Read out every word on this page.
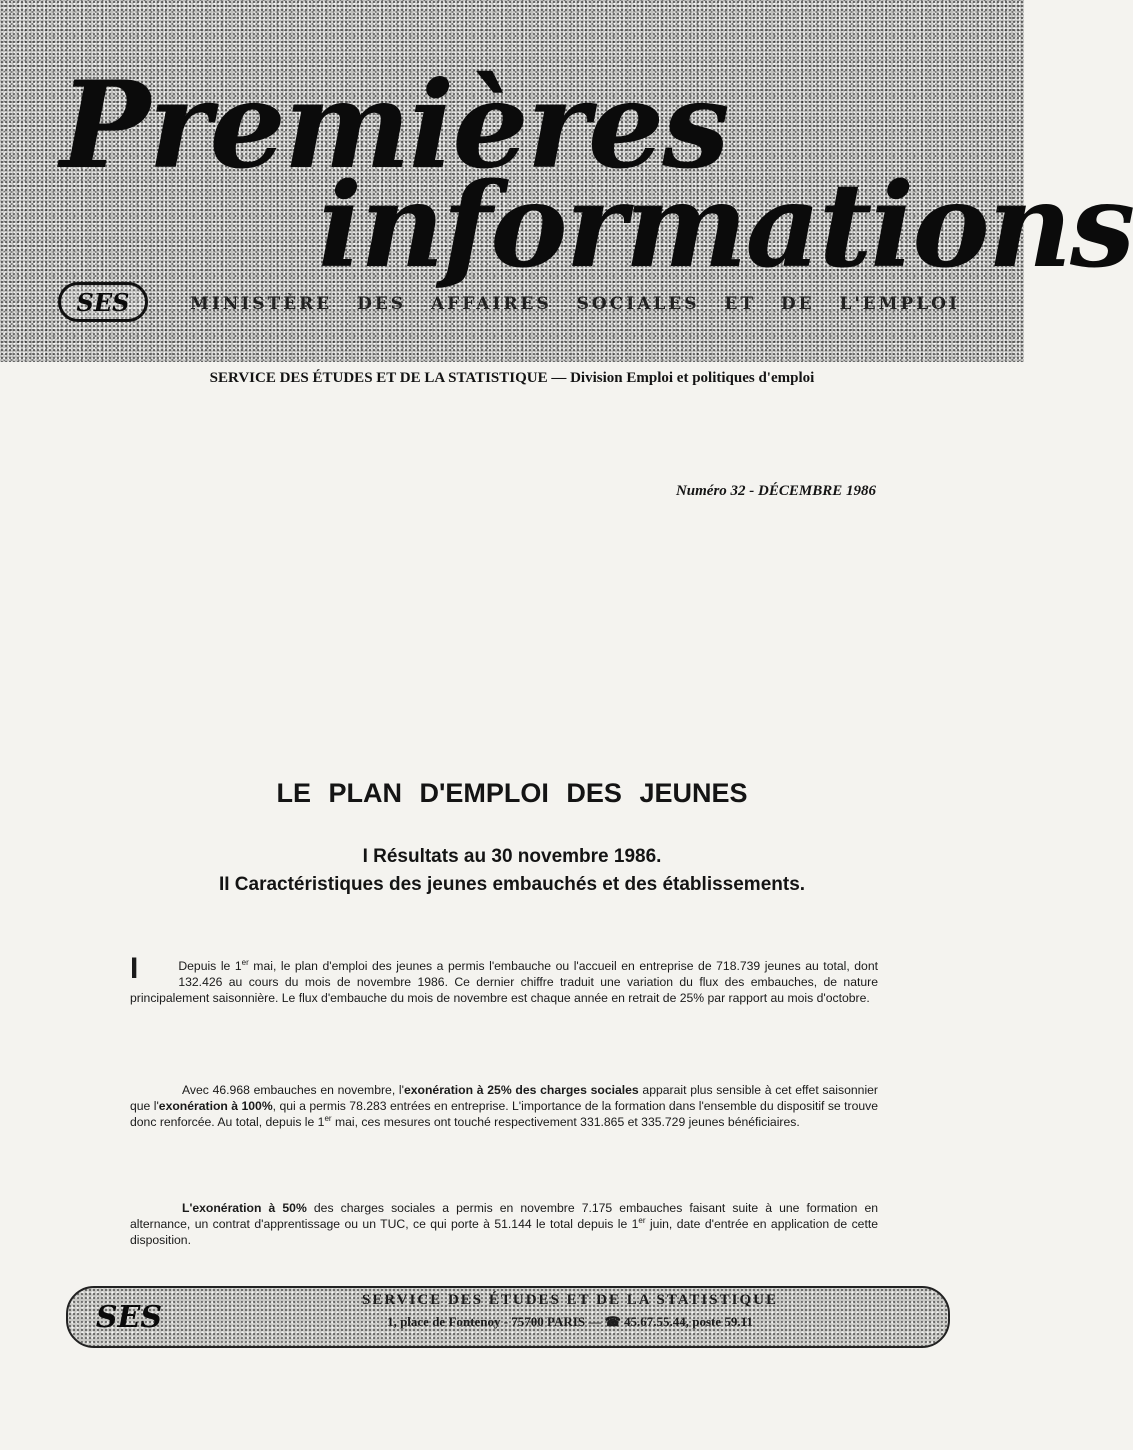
Premières
informations
SES	MINISTÈRE DES AFFAIRES SOCIALES ET DE L'EMPLOI
SERVICE DES ÉTUDES ET DE LA STATISTIQUE — Division Emploi et politiques d'emploi
Numéro 32 - DÉCEMBRE 1986
LE PLAN D'EMPLOI DES JEUNES
I Résultats au 30 novembre 1986.
II Caractéristiques des jeunes embauchés et des établissements.
I	Depuis le 1er mai, le plan d'emploi des jeunes a permis l'embauche ou l'accueil en entreprise de 718.739 jeunes au total, dont 132.426 au cours du mois de novembre 1986. Ce dernier chiffre traduit une variation du flux des embauches, de nature principalement saisonnière. Le flux d'embauche du mois de novembre est chaque année en retrait de 25% par rapport au mois d'octobre.
Avec 46.968 embauches en novembre, l'exonération à 25% des charges sociales apparait plus sensible à cet effet saisonnier que l'exonération à 100%, qui a permis 78.283 entrées en entreprise. L'importance de la formation dans l'ensemble du dispositif se trouve donc renforcée. Au total, depuis le 1er mai, ces mesures ont touché respectivement 331.865 et 335.729 jeunes bénéficiaires.
L'exonération à 50% des charges sociales a permis en novembre 7.175 embauches faisant suite à une formation en alternance, un contrat d'apprentissage ou un TUC, ce qui porte à 51.144 le total depuis le 1er juin, date d'entrée en application de cette disposition.
SES	SERVICE DES ÉTUDES ET DE LA STATISTIQUE
1, place de Fontenoy - 75700 PARIS — ☎ 45.67.55.44, poste 59.11
